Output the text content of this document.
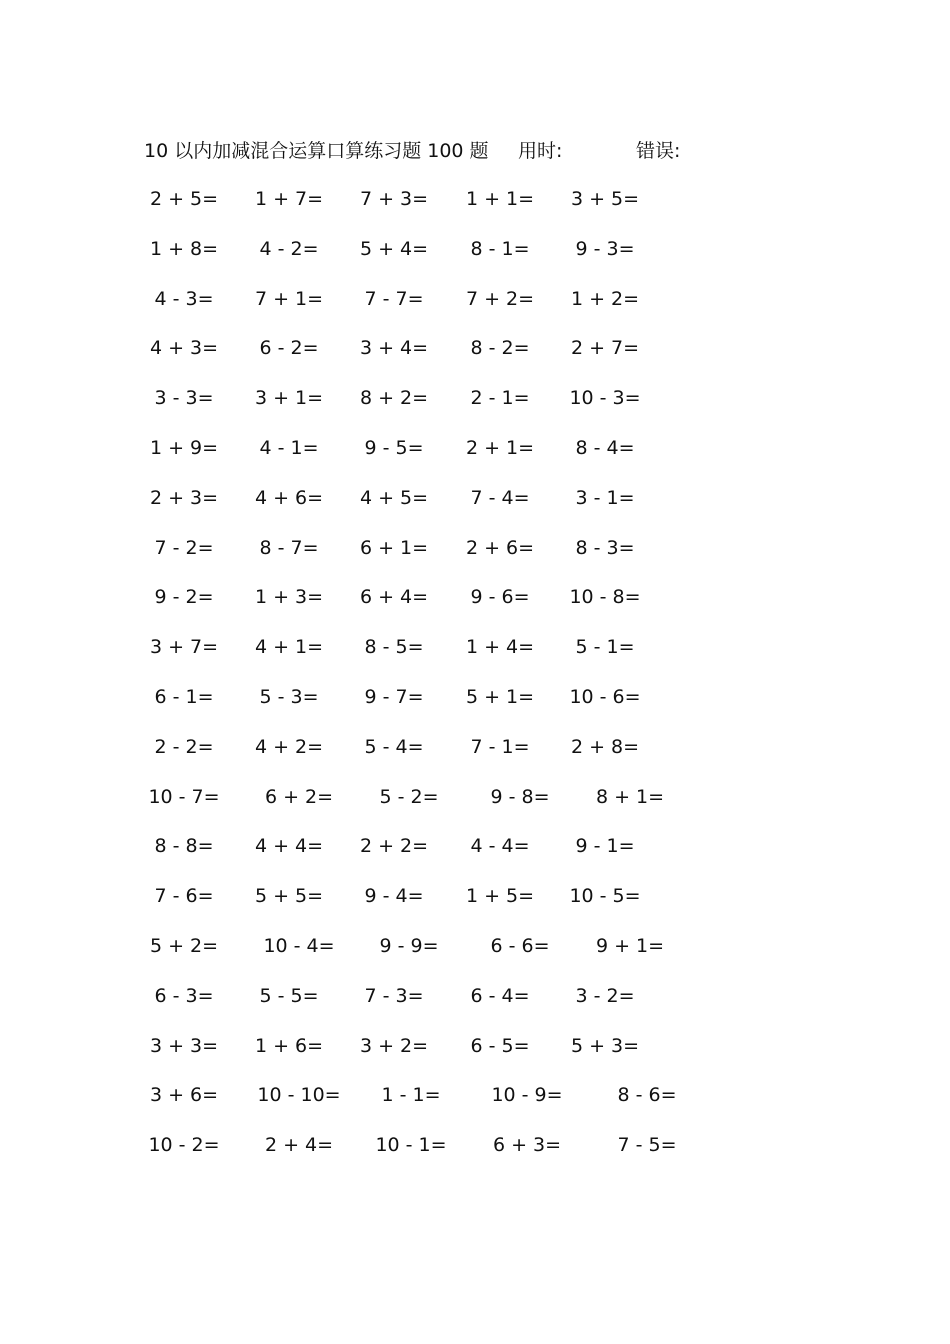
10 以内加减混合运算口算练习题 100 题 用时:	错误:
2 + 5=	1 + 7=	7 + 3=	1 + 1=	3 + 5=
1 + 8=	4 - 2=	5 + 4=	8 - 1=	9 - 3=
4 - 3=	7 + 1=	7 - 7=	7 + 2=	1 + 2=
4 + 3=	6 - 2=	3 + 4=	8 - 2=	2 + 7=
3 - 3=	3 + 1=	8 + 2=	2 - 1=	10 - 3=
1 + 9=	4 - 1=	9 - 5=	2 + 1=	8 - 4=
2 + 3=	4 + 6=	4 + 5=	7 - 4=	3 - 1=
7 - 2=	8 - 7=	6 + 1=	2 + 6=	8 - 3=
9 - 2=	1 + 3=	6 + 4=	9 - 6=	10 - 8=
3 + 7=	4 + 1=	8 - 5=	1 + 4=	5 - 1=
6 - 1=	5 - 3=	9 - 7=	5 + 1=	10 - 6=
2 - 2=	4 + 2=	5 - 4=	7 - 1=	2 + 8=
10 - 7=	6 + 2=	5 - 2=	9 - 8=	8 + 1=
8 - 8=	4 + 4=	2 + 2=	4 - 4=	9 - 1=
7 - 6=	5 + 5=	9 - 4=	1 + 5=	10 - 5=
5 + 2=	10 - 4=	9 - 9=	6 - 6=	9 + 1=
6 - 3=	5 - 5=	7 - 3=	6 - 4=	3 - 2=
3 + 3=	1 + 6=	3 + 2=	6 - 5=	5 + 3=
3 + 6=	10 - 10=	1 - 1=	10 - 9=	8 - 6=
10 - 2=	2 + 4=	10 - 1=	6 + 3=	7 - 5=
